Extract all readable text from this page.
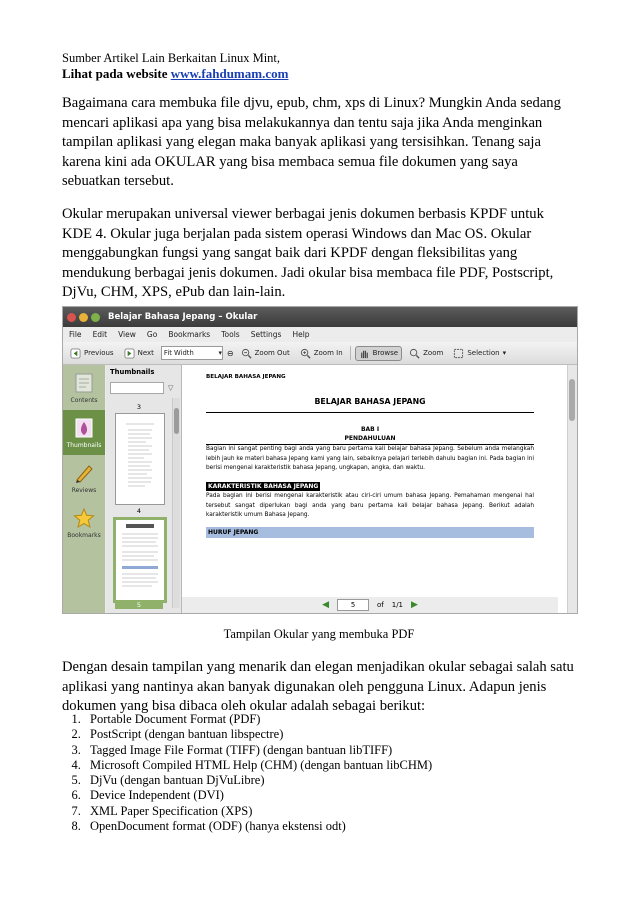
Sumber Artikel Lain Berkaitan Linux Mint,
Lihat pada website www.fahdumam.com

Bagaimana cara membuka file djvu, epub, chm, xps di Linux? Mungkin Anda sedang mencari aplikasi apa yang bisa melakukannya dan tentu saja jika Anda menginkan tampilan aplikasi yang elegan maka banyak aplikasi yang tersisihkan. Tenang saja karena kini ada OKULAR yang bisa membaca semua file dokumen yang saya sebuatkan tersebut.

Okular merupakan universal viewer berbagai jenis dokumen berbasis KPDF untuk KDE 4. Okular juga berjalan pada sistem operasi Windows dan Mac OS. Okular menggabungkan fungsi yang sangat baik dari KPDF dengan fleksibilitas yang mendukung berbagai jenis dokumen. Jadi okular bisa membaca file PDF, Postscript, DjVu, CHM, XPS, ePub dan lain-lain.

Belajar Bahasa Jepang – Okular
File Edit View Go Bookmarks Tools Settings Help
Previous	Next Fit Width	▾ ⊖	Zoom Out	Zoom In	Browse	Zoom	Selection ▾
Contents
Thumbnails
Reviews
Bookmarks
Thumbnails
▽
3
4
5
BELAJAR BAHASA JEPANG
BELAJAR BAHASA JEPANG
BAB I
PENDAHULUAN
Bagian ini sangat penting bagi anda yang baru pertama kali belajar bahasa Jepang. Sebelum anda melangkah lebih jauh ke materi bahasa Jepang kami yang lain, sebaiknya pelajari terlebih dahulu bagian ini. Pada bagian ini berisi mengenai karakteristik bahasa Jepang, ungkapan, angka, dan waktu.
KARAKTERISTIK BAHASA JEPANG
Pada bagian ini berisi mengenai karakteristik atau ciri-ciri umum bahasa Jepang. Pemahaman mengenai hal tersebut sangat diperlukan bagi anda yang baru pertama kali belajar bahasa Jepang. Berikut adalah karakteristik umum Bahasa Jepang.
HURUF JEPANG
◀	5	of 1/1 ▶
Tampilan Okular yang membuka PDF

Dengan desain tampilan yang menarik dan elegan menjadikan okular sebagai salah satu aplikasi yang nantinya akan banyak digunakan oleh pengguna Linux. Adapun jenis dokumen yang bisa dibaca oleh okular adalah sebagai berikut:

1. Portable Document Format (PDF)
2. PostScript (dengan bantuan libspectre)
3. Tagged Image File Format (TIFF) (dengan bantuan libTIFF)
4. Microsoft Compiled HTML Help (CHM) (dengan bantuan libCHM)
5. DjVu (dengan bantuan DjVuLibre)
6. Device Independent (DVI)
7. XML Paper Specification (XPS)
8. OpenDocument format (ODF) (hanya ekstensi odt)
